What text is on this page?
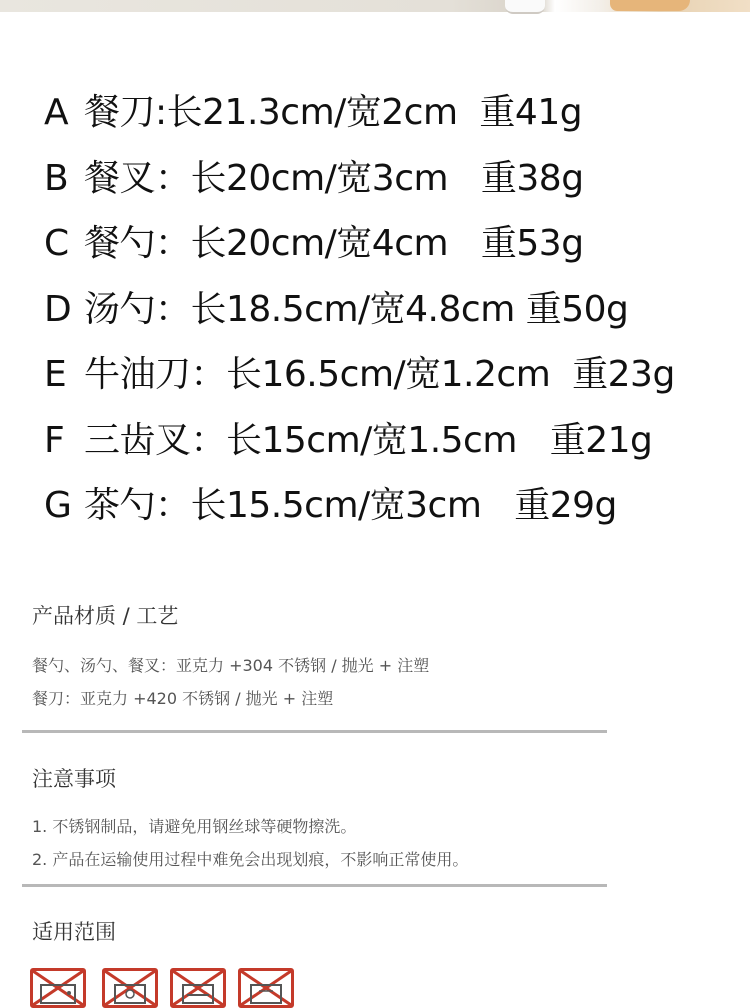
A 餐刀:长21.3cm/宽2cm  重41g
B 餐叉：长20cm/宽3cm   重38g
C 餐勺：长20cm/宽4cm   重53g
D 汤勺：长18.5cm/宽4.8cm 重50g
E 牛油刀：长16.5cm/宽1.2cm  重23g
F 三齿叉：长15cm/宽1.5cm   重21g
G 茶勺：长15.5cm/宽3cm   重29g
产品材质 / 工艺
餐勺、汤勺、餐叉：亚克力 +304 不锈钢 / 抛光 + 注塑
餐刀：亚克力 +420 不锈钢 / 抛光 + 注塑
注意事项
1. 不锈钢制品，请避免用钢丝球等硬物擦洗。
2. 产品在运输使用过程中难免会出现划痕，不影响正常使用。
适用范围
